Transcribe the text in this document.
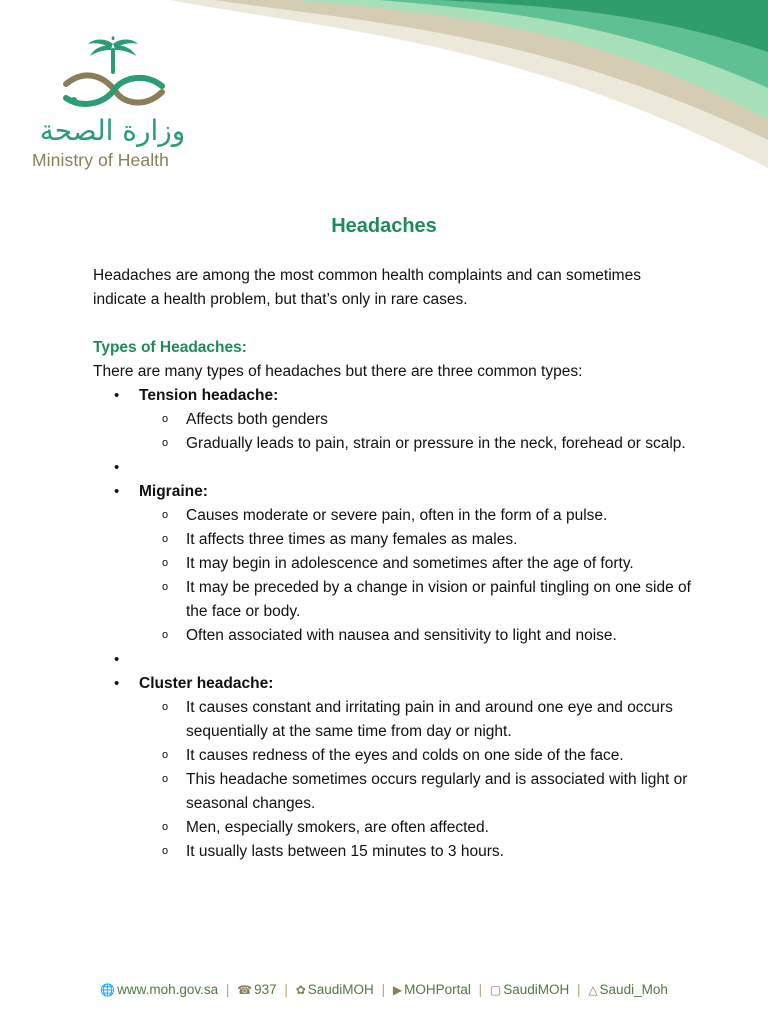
وزارة الصحة
Ministry of Health
Headaches

Headaches are among the most common health complaints and can sometimes indicate a health problem, but that’s only in rare cases.

Types of Headaches:

There are many types of headaches but there are three common types:

• Tension headache:
o Affects both genders
o Gradually leads to pain, strain or pressure in the neck, forehead or scalp.
•
• Migraine:
o Causes moderate or severe pain, often in the form of a pulse.
o It affects three times as many females as males.
o It may begin in adolescence and sometimes after the age of forty.
o It may be preceded by a change in vision or painful tingling on one side of the face or body.
o Often associated with nausea and sensitivity to light and noise.
•
• Cluster headache:
o It causes constant and irritating pain in and around one eye and occurs sequentially at the same time from day or night.
o It causes redness of the eyes and colds on one side of the face.
o This headache sometimes occurs regularly and is associated with light or seasonal changes.
o Men, especially smokers, are often affected.
o It usually lasts between 15 minutes to 3 hours.
🌐 www.moh.gov.sa | ☎ 937 | ✿ SaudiMOH | ▶ MOHPortal | ▢ SaudiMOH | △ Saudi_Moh
